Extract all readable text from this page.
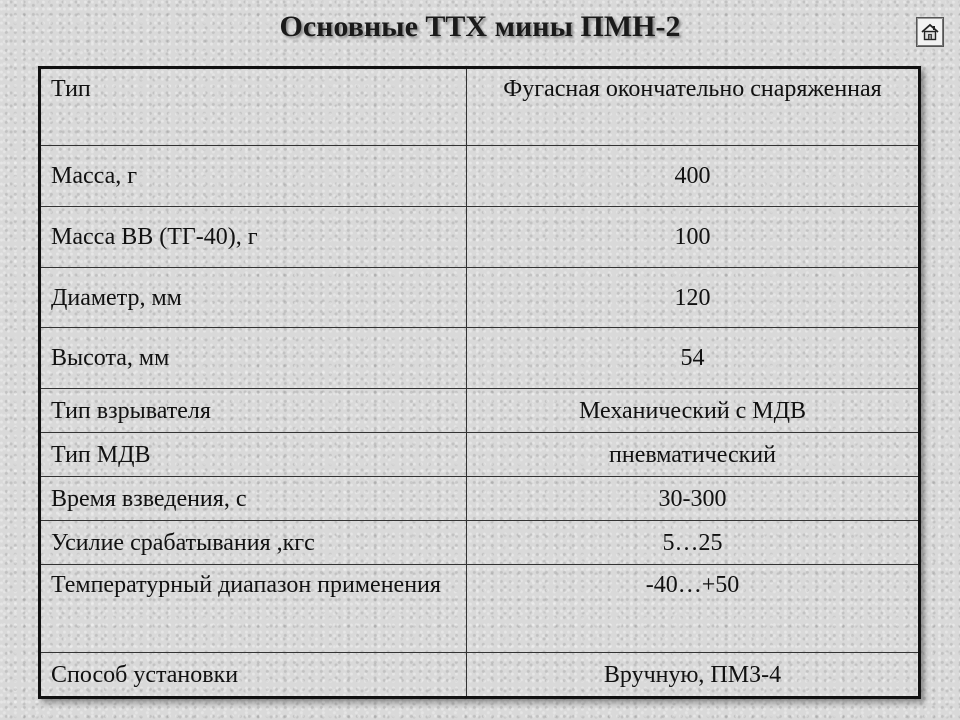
Основные ТТХ мины ПМН-2
Тип	Фугасная окончательно снаряженная
Масса, г	400
Масса ВВ (ТГ-40), г	100
Диаметр, мм	120
Высота, мм	54
Тип взрывателя	Механический с МДВ
Тип МДВ	пневматический
Время взведения, с	30-300
Усилие срабатывания ,кгс	5…25
Температурный диапазон применения	-40…+50
Способ установки	Вручную, ПМЗ-4
